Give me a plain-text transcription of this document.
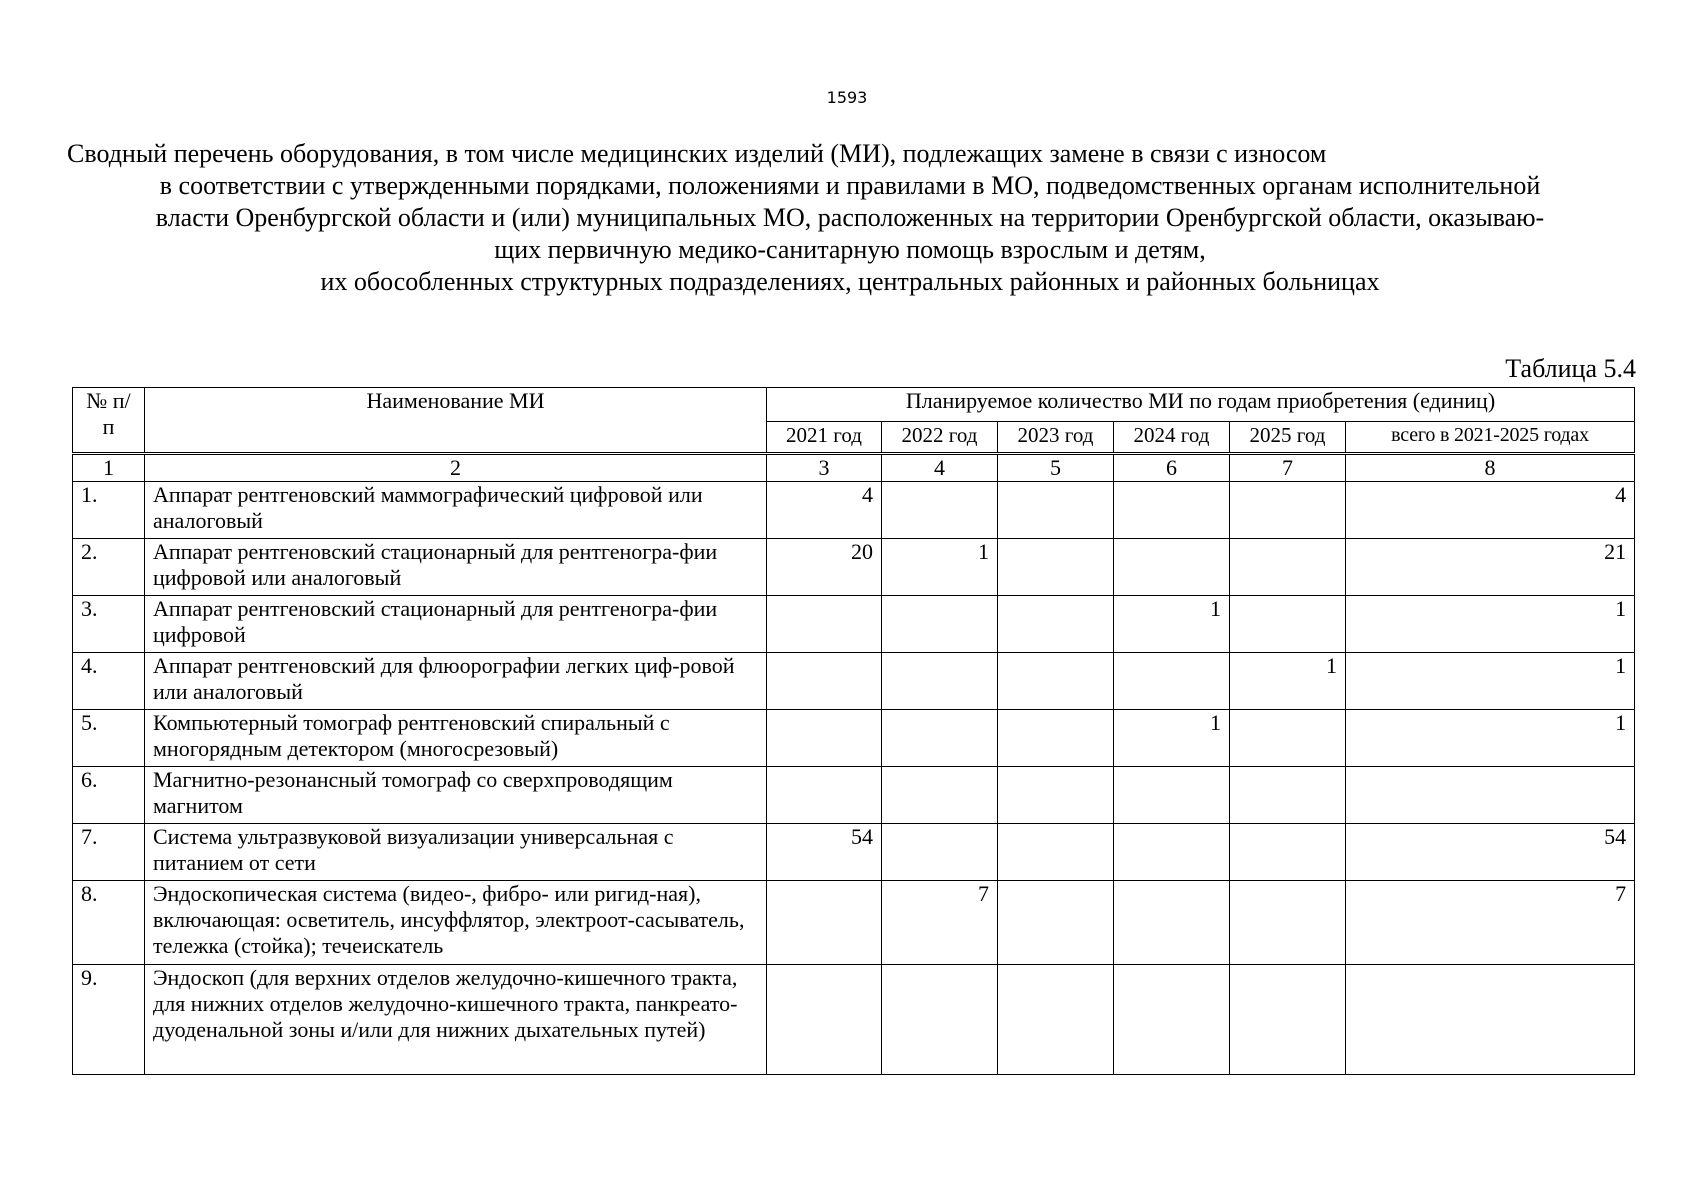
1593
Сводный перечень оборудования, в том числе медицинских изделий (МИ), подлежащих замене в связи с износом
в соответствии с утвержденными порядками, положениями и правилами в МО, подведомственных органам исполнительной
власти Оренбургской области и (или) муниципальных МО, расположенных на территории Оренбургской области, оказываю-
щих первичную медико-санитарную помощь взрослым и детям,
их обособленных структурных подразделениях, центральных районных и районных больницах
Таблица 5.4
№ п/п	Наименование МИ	Планируемое количество МИ по годам приобретения (единиц)					
		2021 год	2022 год	2023 год	2024 год	2025 год	всего в 2021-2025 годах
1	2	3	4	5	6	7	8
1.	Аппарат рентгеновский маммографический цифровой или аналоговый	4					4
2.	Аппарат рентгеновский стационарный для рентгеногра-фии цифровой или аналоговый	20	1				21
3.	Аппарат рентгеновский стационарный для рентгеногра-фии цифровой				1		1
4.	Аппарат рентгеновский для флюорографии легких циф-ровой или аналоговый					1	1
5.	Компьютерный томограф рентгеновский спиральный с многорядным детектором (многосрезовый)				1		1
6.	Магнитно-резонансный томограф со сверхпроводящим магнитом						
7.	Система ультразвуковой визуализации универсальная с питанием от сети	54					54
8.	Эндоскопическая система (видео-, фибро- или ригид-ная), включающая: осветитель, инсуффлятор, электроот-сасыватель, тележка (стойка); течеискатель		7				7
9.	Эндоскоп (для верхних отделов желудочно-кишечного тракта, для нижних отделов желудочно-кишечного тракта, панкреато-дуоденальной зоны и/или для нижних дыхательных путей)						
